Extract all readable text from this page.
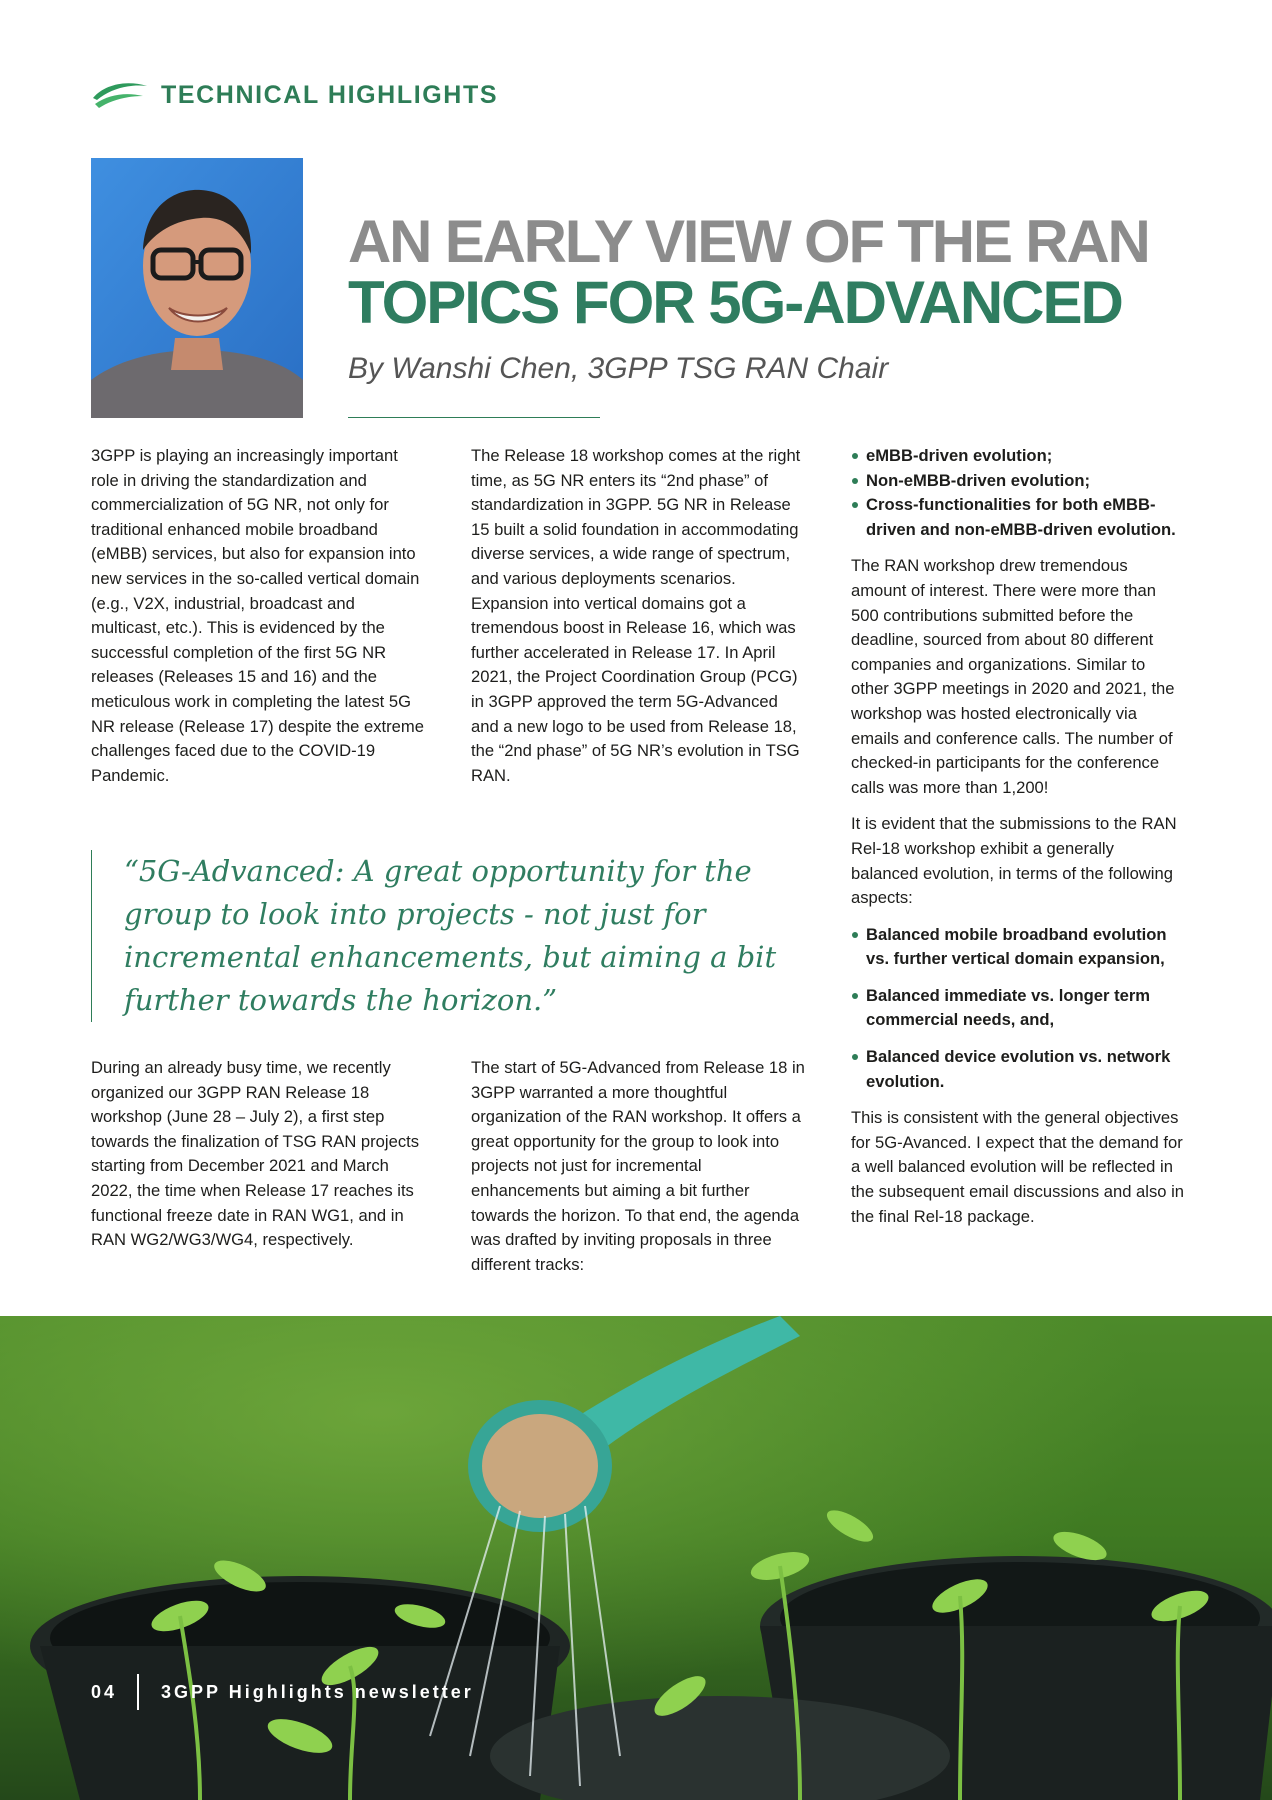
TECHNICAL HIGHLIGHTS
AN EARLY VIEW OF THE RAN
TOPICS FOR 5G-ADVANCED
By Wanshi Chen, 3GPP TSG RAN Chair

3GPP is playing an increasingly important role in driving the standardization and commercialization of 5G NR, not only for traditional enhanced mobile broadband (eMBB) services, but also for expansion into new services in the so-called vertical domain (e.g., V2X, industrial, broadcast and multicast, etc.). This is evidenced by the successful completion of the first 5G NR releases (Releases 15 and 16) and the meticulous work in completing the latest 5G NR release (Release 17) despite the extreme challenges faced due to the COVID-19 Pandemic.

The Release 18 workshop comes at the right time, as 5G NR enters its “2nd phase” of standardization in 3GPP. 5G NR in Release 15 built a solid foundation in accommodating diverse services, a wide range of spectrum, and various deployments scenarios. Expansion into vertical domains got a tremendous boost in Release 16, which was further accelerated in Release 17. In April 2021, the Project Coordination Group (PCG) in 3GPP approved the term 5G-Advanced and a new logo to be used from Release 18, the “2nd phase” of 5G NR’s evolution in TSG RAN.

eMBB-driven evolution;
Non-eMBB-driven evolution;
Cross-functionalities for both eMBB-driven and non-eMBB-driven evolution.

The RAN workshop drew tremendous amount of interest. There were more than 500 contributions submitted before the deadline, sourced from about 80 different companies and organizations. Similar to other 3GPP meetings in 2020 and 2021, the workshop was hosted electronically via emails and conference calls. The number of checked-in participants for the conference calls was more than 1,200!

It is evident that the submissions to the RAN Rel-18 workshop exhibit a generally balanced evolution, in terms of the following aspects:

Balanced mobile broadband evolution vs. further vertical domain expansion,
Balanced immediate vs. longer term commercial needs, and,
Balanced device evolution vs. network evolution.

This is consistent with the general objectives for 5G-Avanced. I expect that the demand for a well balanced evolution will be reflected in the subsequent email discussions and also in the final Rel-18 package.

“5G-Advanced: A great opportunity for the group to look into projects - not just for incremental enhancements, but aiming a bit further towards the horizon.”

During an already busy time, we recently organized our 3GPP RAN Release 18 workshop (June 28 – July 2), a first step towards the finalization of TSG RAN projects starting from December 2021 and March 2022, the time when Release 17 reaches its functional freeze date in RAN WG1, and in RAN WG2/WG3/WG4, respectively.

The start of 5G-Advanced from Release 18 in 3GPP warranted a more thoughtful organization of the RAN workshop. It offers a great opportunity for the group to look into projects not just for incremental enhancements but aiming a bit further towards the horizon. To that end, the agenda was drafted by inviting proposals in three different tracks:

04 3GPP Highlights newsletter
